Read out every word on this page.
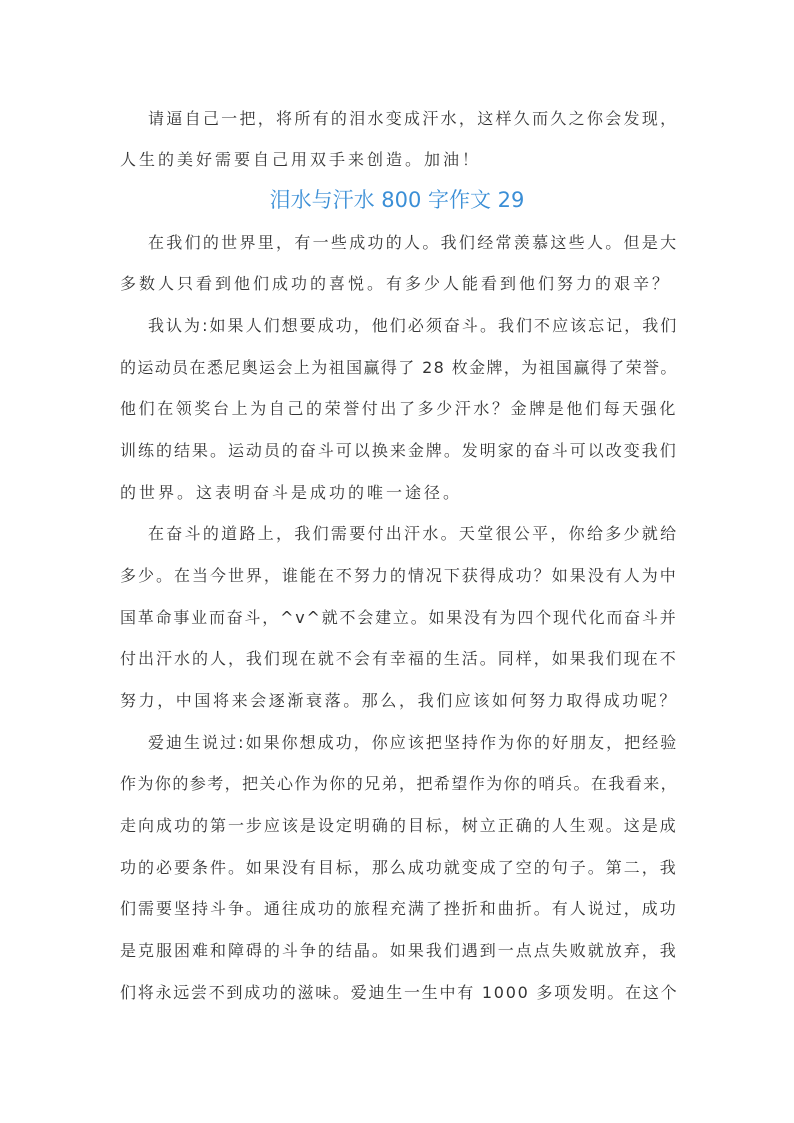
请逼自己一把，将所有的泪水变成汗水，这样久而久之你会发现，
人生的美好需要自己用双手来创造。加油！
泪水与汗水 800 字作文 29
在我们的世界里，有一些成功的人。我们经常羡慕这些人。但是大
多数人只看到他们成功的喜悦。有多少人能看到他们努力的艰辛？
我认为:如果人们想要成功，他们必须奋斗。我们不应该忘记，我们
的运动员在悉尼奥运会上为祖国赢得了 28 枚金牌，为祖国赢得了荣誉。
他们在领奖台上为自己的荣誉付出了多少汗水？金牌是他们每天强化
训练的结果。运动员的奋斗可以换来金牌。发明家的奋斗可以改变我们
的世界。这表明奋斗是成功的唯一途径。
在奋斗的道路上，我们需要付出汗水。天堂很公平，你给多少就给
多少。在当今世界，谁能在不努力的情况下获得成功？如果没有人为中
国革命事业而奋斗，^v^就不会建立。如果没有为四个现代化而奋斗并
付出汗水的人，我们现在就不会有幸福的生活。同样，如果我们现在不
努力，中国将来会逐渐衰落。那么，我们应该如何努力取得成功呢？
爱迪生说过:如果你想成功，你应该把坚持作为你的好朋友，把经验
作为你的参考，把关心作为你的兄弟，把希望作为你的哨兵。在我看来，
走向成功的第一步应该是设定明确的目标，树立正确的人生观。这是成
功的必要条件。如果没有目标，那么成功就变成了空的句子。第二，我
们需要坚持斗争。通往成功的旅程充满了挫折和曲折。有人说过，成功
是克服困难和障碍的斗争的结晶。如果我们遇到一点点失败就放弃，我
们将永远尝不到成功的滋味。爱迪生一生中有 1000 多项发明。在这个
